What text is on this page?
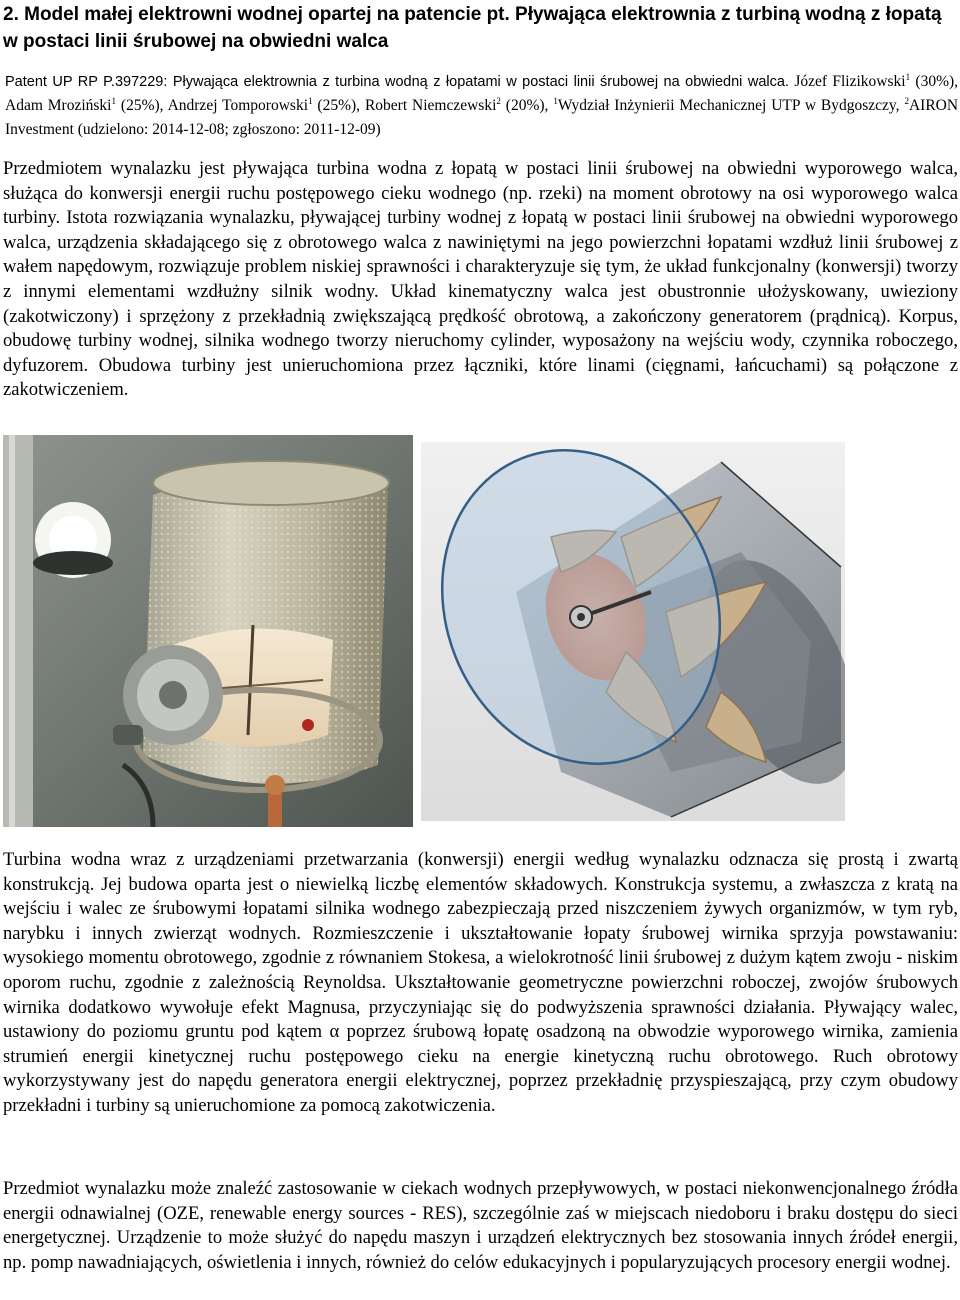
2. Model małej elektrowni wodnej opartej na patencie pt. Pływająca elektrownia z turbiną wodną z łopatą w postaci linii śrubowej na obwiedni walca

Patent UP RP P.397229: Pływająca elektrownia z turbina wodną z łopatami w postaci linii śrubowej na obwiedni walca. Józef Flizikowski$^1$ (30%), Adam Mroziński$^1$ (25%), Andrzej Tomporowski$^1$ (25%), Robert Niemczewski$^2$ (20%), $^1$Wydział Inżynierii Mechanicznej UTP w Bydgoszczy, $^2$AIRON Investment (udzielono: 2014-12-08; zgłoszono: 2011-12-09)

Przedmiotem wynalazku jest pływająca turbina wodna z łopatą w postaci linii śrubowej na obwiedni wyporowego walca, służąca do konwersji energii ruchu postępowego cieku wodnego (np. rzeki) na moment obrotowy na osi wyporowego walca turbiny. Istota rozwiązania wynalazku, pływającej turbiny wodnej z łopatą w postaci linii śrubowej na obwiedni wyporowego walca, urządzenia składającego się z obrotowego walca z nawiniętymi na jego powierzchni łopatami wzdłuż linii śrubowej z wałem napędowym, rozwiązuje problem niskiej sprawności i charakteryzuje się tym, że układ funkcjonalny (konwersji) tworzy z innymi elementami wzdłużny silnik wodny. Układ kinematyczny walca jest obustronnie ułożyskowany, uwieziony (zakotwiczony) i sprzężony z przekładnią zwiększającą prędkość obrotową, a zakończony generatorem (prądnicą). Korpus, obudowę turbiny wodnej, silnika wodnego tworzy nieruchomy cylinder, wyposażony na wejściu wody, czynnika roboczego, dyfuzorem. Obudowa turbiny jest unieruchomiona przez łączniki, które linami (cięgnami, łańcuchami) są połączone z zakotwiczeniem.

Turbina wodna wraz z urządzeniami przetwarzania (konwersji) energii według wynalazku odznacza się prostą i zwartą konstrukcją. Jej budowa oparta jest o niewielką liczbę elementów składowych. Konstrukcja systemu, a zwłaszcza z kratą na wejściu i walec ze śrubowymi łopatami silnika wodnego zabezpieczają przed niszczeniem żywych organizmów, w tym ryb, narybku i innych zwierząt wodnych. Rozmieszczenie i ukształtowanie łopaty śrubowej wirnika sprzyja powstawaniu: wysokiego momentu obrotowego, zgodnie z równaniem Stokesa, a wielokrotność linii śrubowej z dużym kątem zwoju - niskim oporom ruchu, zgodnie z zależnością Reynoldsa. Ukształtowanie geometryczne powierzchni roboczej, zwojów śrubowych wirnika dodatkowo wywołuje efekt Magnusa, przyczyniając się do podwyższenia sprawności działania. Pływający walec, ustawiony do poziomu gruntu pod kątem α poprzez śrubową łopatę osadzoną na obwodzie wyporowego wirnika, zamienia strumień energii kinetycznej ruchu postępowego cieku na energie kinetyczną ruchu obrotowego. Ruch obrotowy wykorzystywany jest do napędu generatora energii elektrycznej, poprzez przekładnię przyspieszającą, przy czym obudowy przekładni i turbiny są unieruchomione za pomocą zakotwiczenia.

Przedmiot wynalazku może znaleźć zastosowanie w ciekach wodnych przepływowych, w postaci niekonwencjonalnego źródła energii odnawialnej (OZE, renewable energy sources - RES), szczególnie zaś w miejscach niedoboru i braku dostępu do sieci energetycznej. Urządzenie to może służyć do napędu maszyn i urządzeń elektrycznych bez stosowania innych źródeł energii, np. pomp nawadniających, oświetlenia i innych, również do celów edukacyjnych i popularyzujących procesory energii wodnej.
